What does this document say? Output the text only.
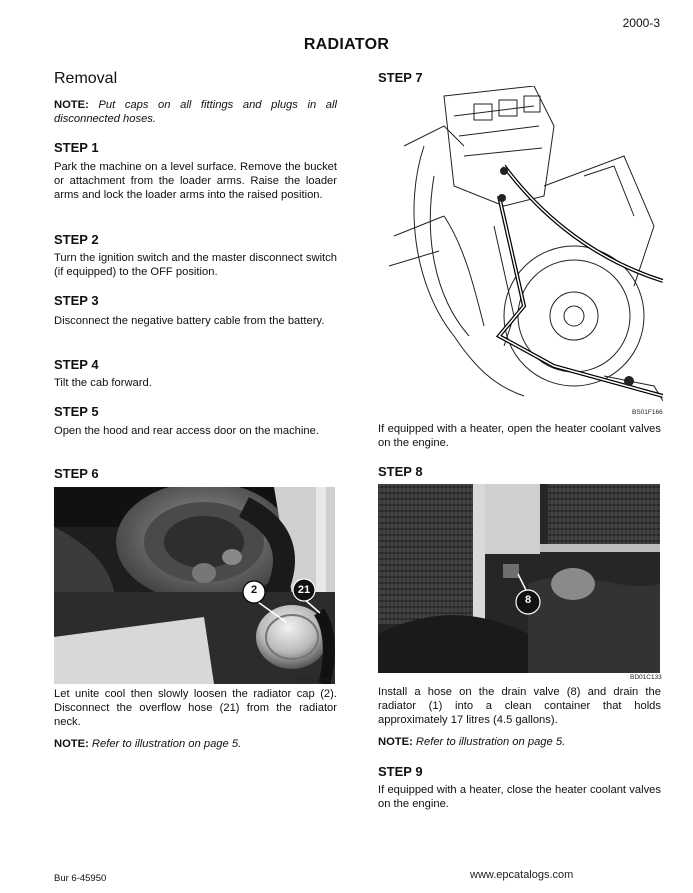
2000-3
RADIATOR
Removal

NOTE: Put caps on all fittings and plugs in all disconnected hoses.

STEP 1

Park the machine on a level surface. Remove the bucket or attachment from the loader arms. Raise the loader arms and lock the loader arms into the raised position.

STEP 2

Turn the ignition switch and the master disconnect switch (if equipped) to the OFF position.

STEP 3

Disconnect the negative battery cable from the battery.

STEP 4

Tilt the cab forward.

STEP 5

Open the hood and rear access door on the machine.

STEP 6
2	21
BD01C113

Let unite cool then slowly loosen the radiator cap (2). Disconnect the overflow hose (21) from the radiator neck.

NOTE: Refer to illustration on page 5.

STEP 7
BS01F166

If equipped with a heater, open the heater coolant valves on the engine.

STEP 8
8
BD01C133

Install a hose on the drain valve (8) and drain the radiator (1) into a clean container that holds approximately 17 litres (4.5 gallons).

NOTE: Refer to illustration on page 5.

STEP 9

If equipped with a heater, close the heater coolant valves on the engine.

Bur 6-45950	www.epcatalogs.com
